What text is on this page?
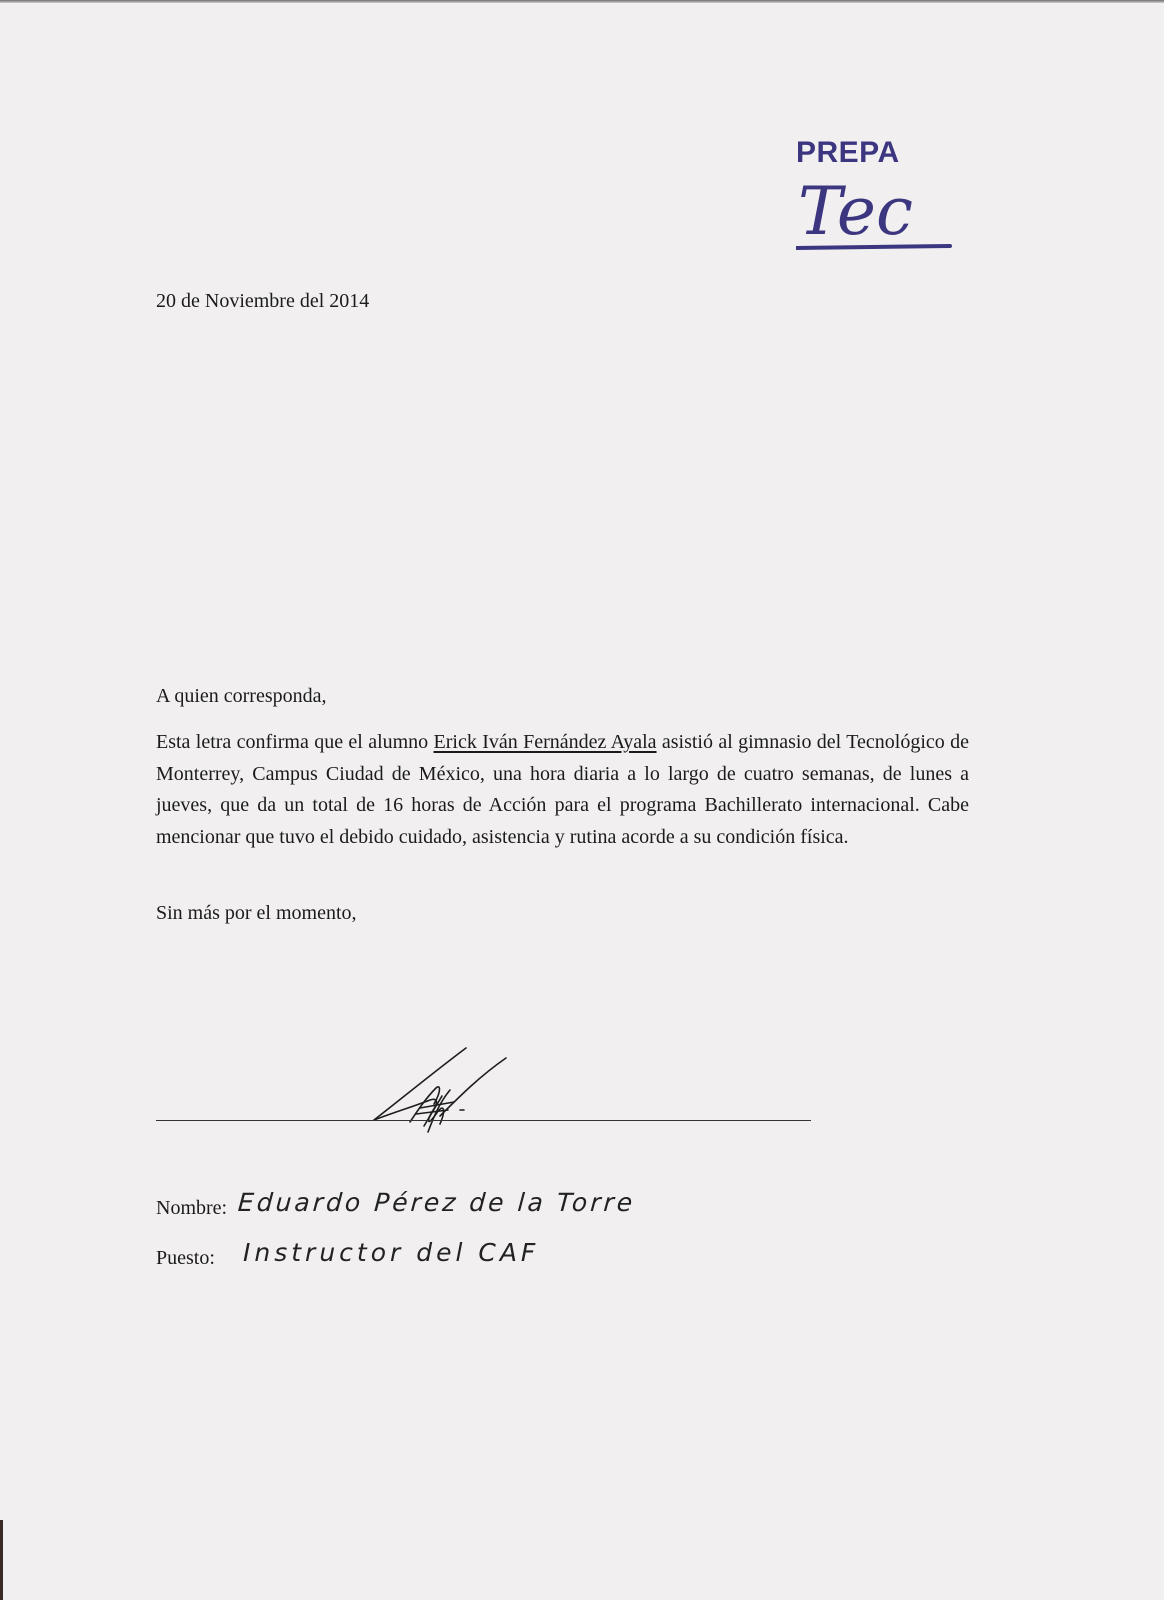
PREPA
Tec
20 de Noviembre del 2014
A quien corresponda,
Esta letra confirma que el alumno Erick Iván Fernández Ayala asistió al gimnasio del Tecnológico de Monterrey, Campus Ciudad de México, una hora diaria a lo largo de cuatro semanas, de lunes a jueves, que da un total de 16 horas de Acción para el programa Bachillerato internacional. Cabe mencionar que tuvo el debido cuidado, asistencia y rutina acorde a su condición física.
Sin más por el momento,
Nombre: Eduardo Pérez de la Torre
Puesto: Instructor del CAF
